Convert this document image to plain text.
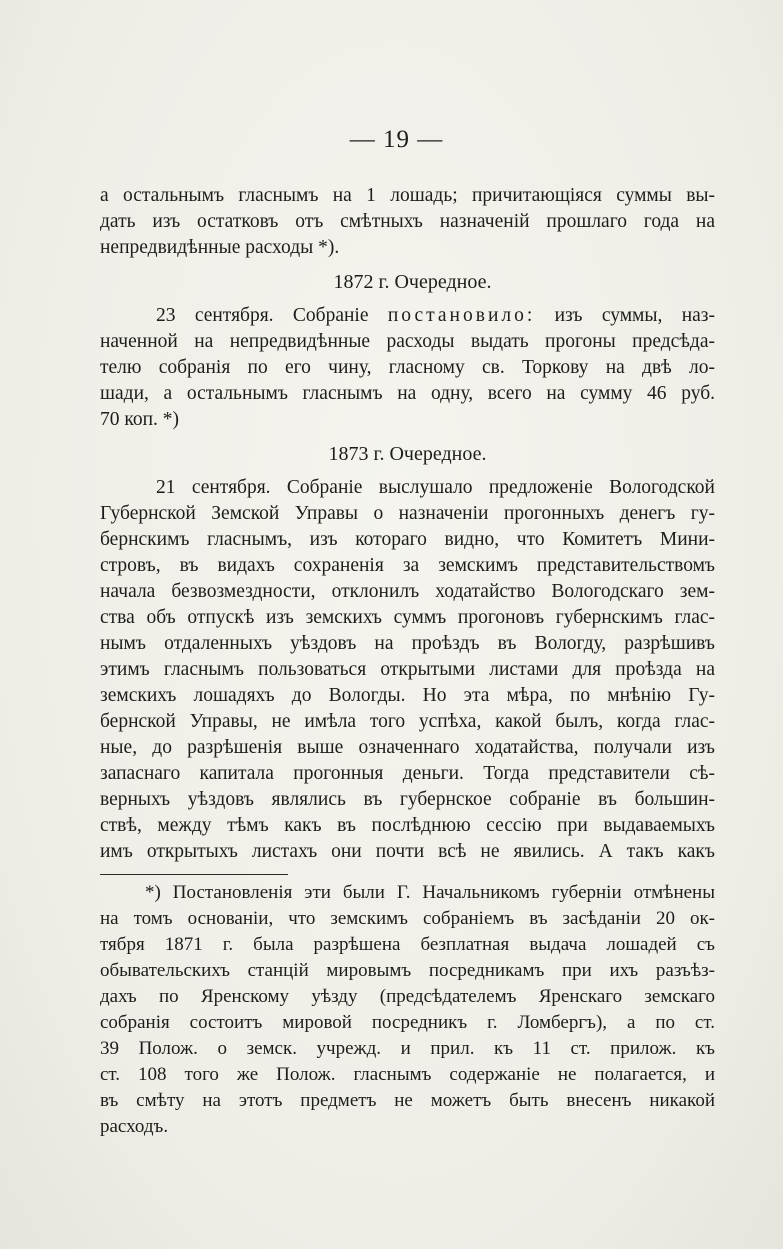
— 19 —
а остальнымъ гласнымъ на 1 лошадь; причитающіяся суммы вы-
дать изъ остатковъ отъ смѣтныхъ назначеній прошлаго года на
непредвидѣнные расходы *).
1872 г. Очередное.
23 сентября. Собраніе постановило: изъ суммы, наз-
наченной на непредвидѣнные расходы выдать прогоны предсѣда-
телю собранія по его чину, гласному св. Торкову на двѣ ло-
шади, а остальнымъ гласнымъ на одну, всего на сумму 46 руб.
70 коп. *)
1873 г. Очередное.
21 сентября. Собраніе выслушало предложеніе Вологодской
Губернской Земской Управы о назначеніи прогонныхъ денегъ гу-
бернскимъ гласнымъ, изъ котораго видно, что Комитетъ Мини-
стровъ, въ видахъ сохраненія за земскимъ представительствомъ
начала безвозмездности, отклонилъ ходатайство Вологодскаго зем-
ства объ отпускѣ изъ земскихъ суммъ прогоновъ губернскимъ глас-
нымъ отдаленныхъ уѣздовъ на проѣздъ въ Вологду, разрѣшивъ
этимъ гласнымъ пользоваться открытыми листами для проѣзда на
земскихъ лошадяхъ до Вологды. Но эта мѣра, по мнѣнію Гу-
бернской Управы, не имѣла того успѣха, какой былъ, когда глас-
ные, до разрѣшенія выше означеннаго ходатайства, получали изъ
запаснаго капитала прогонныя деньги. Тогда представители сѣ-
верныхъ уѣздовъ являлись въ губернское собраніе въ большин-
ствѣ, между тѣмъ какъ въ послѣднюю сессію при выдаваемыхъ
имъ открытыхъ листахъ они почти всѣ не явились. А такъ какъ
*) Постановленія эти были Г. Начальникомъ губерніи отмѣнены
на томъ основаніи, что земскимъ собраніемъ въ засѣданіи 20 ок-
тября 1871 г. была разрѣшена безплатная выдача лошадей съ
обывательскихъ станцій мировымъ посредникамъ при ихъ разъѣз-
дахъ по Яренскому уѣзду (предсѣдателемъ Яренскаго земскаго
собранія состоитъ мировой посредникъ г. Ломбергъ), а по ст.
39 Полож. о земск. учрежд. и прил. къ 11 ст. прилож. къ
ст. 108 того же Полож. гласнымъ содержаніе не полагается, и
въ смѣту на этотъ предметъ не можетъ быть внесенъ никакой
расходъ.
